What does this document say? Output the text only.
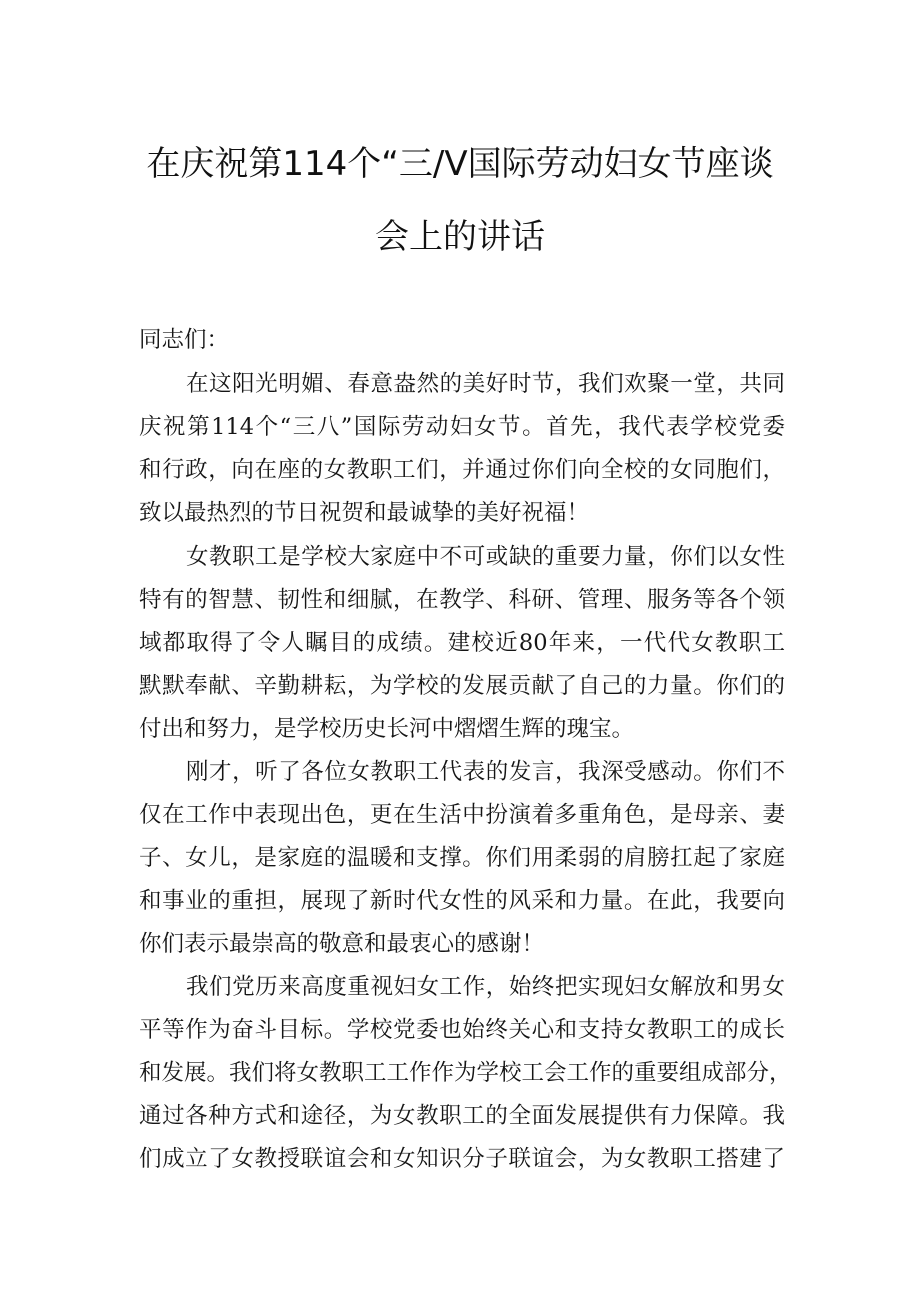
在庆祝第114个“三/V国际劳动妇女节座谈
会上的讲话

同志们：

在这阳光明媚、春意盎然的美好时节，我们欢聚一堂，共同

庆祝第114个“三八”国际劳动妇女节。首先，我代表学校党委

和行政，向在座的女教职工们，并通过你们向全校的女同胞们，

致以最热烈的节日祝贺和最诚挚的美好祝福！

女教职工是学校大家庭中不可或缺的重要力量，你们以女性

特有的智慧、韧性和细腻，在教学、科研、管理、服务等各个领

域都取得了令人瞩目的成绩。建校近80年来，一代代女教职工

默默奉献、辛勤耕耘，为学校的发展贡献了自己的力量。你们的

付出和努力，是学校历史长河中熠熠生辉的瑰宝。

刚才，听了各位女教职工代表的发言，我深受感动。你们不

仅在工作中表现出色，更在生活中扮演着多重角色，是母亲、妻

子、女儿，是家庭的温暖和支撑。你们用柔弱的肩膀扛起了家庭

和事业的重担，展现了新时代女性的风采和力量。在此，我要向

你们表示最崇高的敬意和最衷心的感谢！

我们党历来高度重视妇女工作，始终把实现妇女解放和男女

平等作为奋斗目标。学校党委也始终关心和支持女教职工的成长

和发展。我们将女教职工工作作为学校工会工作的重要组成部分，

通过各种方式和途径，为女教职工的全面发展提供有力保障。我

们成立了女教授联谊会和女知识分子联谊会，为女教职工搭建了
